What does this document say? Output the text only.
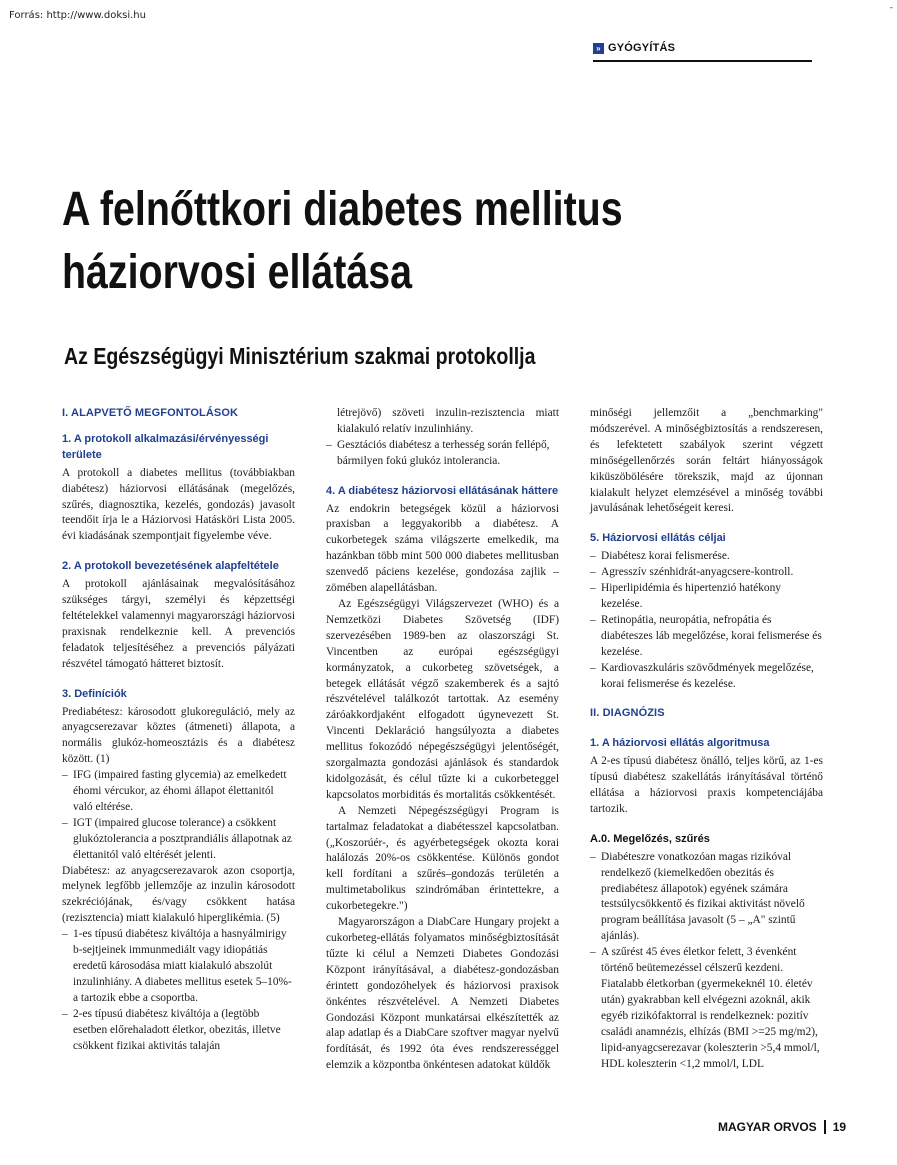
Forrás: http://www.doksi.hu
-
» GYÓGYÍTÁS
A felnőttkori diabetes mellitus
háziorvosi ellátása
Az Egészségügyi Minisztérium szakmai protokollja
I. ALAPVETŐ MEGFONTOLÁSOK
1. A protokoll alkalmazási/érvényességi területe

A protokoll a diabetes mellitus (továbbiakban diabétesz) háziorvosi ellátásának (megelőzés, szűrés, diagnosztika, kezelés, gondozás) javasolt teendőit írja le a Háziorvosi Hatásköri Lista 2005. évi kiadásának szempontjait figyelembe véve.

2. A protokoll bevezetésének alapfeltétele

A protokoll ajánlásainak megvalósításához szükséges tárgyi, személyi és képzettségi feltételekkel valamennyi magyarországi háziorvosi praxisnak rendelkeznie kell. A prevenciós feladatok teljesítéséhez a prevenciós pályázati részvétel támogató hátteret biztosít.

3. Definíciók

Prediabétesz: károsodott glukoreguláció, mely az anyagcserezavar köztes (átmeneti) állapota, a normális glukóz-homeosztázis és a diabétesz között. (1)

– IFG (impaired fasting glycemia) az emelkedett éhomi vércukor, az éhomi állapot élettanitól való eltérése.
– IGT (impaired glucose tolerance) a csökkent glukóztolerancia a posztprandiális állapotnak az élettanitól való eltérését jelenti.

Diabétesz: az anyagcserezavarok azon csoportja, melynek legfőbb jellemzője az inzulin károsodott szekréciójának, és/vagy csökkent hatása (rezisztencia) miatt kialakuló hiperglikémia. (5)

– 1-es típusú diabétesz kiváltója a hasnyálmirigy b-sejtjeinek immunmediált vagy idiopátiás eredetű károsodása miatt kialakuló abszolút inzulinhiány. A diabetes mellitus esetek 5–10%-a tartozik ebbe a csoportba.
– 2-es típusú diabétesz kiváltója a (legtöbb esetben előrehaladott életkor, obezitás, illetve csökkent fizikai aktivitás talaján

létrejövő) szöveti inzulin-rezisztencia miatt kialakuló relatív inzulinhiány.

– Gesztációs diabétesz a terhesség során fellépő, bármilyen fokú glukóz intolerancia.
4. A diabétesz háziorvosi ellátásának háttere

Az endokrin betegségek közül a háziorvosi praxisban a leggyakoribb a diabétesz. A cukorbetegek száma világszerte emelkedik, ma hazánkban több mint 500 000 diabetes mellitusban szenvedő páciens kezelése, gondozása zajlik – zömében alapellátásban.

Az Egészségügyi Világszervezet (WHO) és a Nemzetközi Diabetes Szövetség (IDF) szervezésében 1989-ben az olaszországi St. Vincentben az európai egészségügyi kormányzatok, a cukorbeteg szövetségek, a betegek ellátását végző szakemberek és a sajtó részvételével találkozót tartottak. Az esemény záróakkordjaként elfogadott úgynevezett St. Vincenti Deklaráció hangsúlyozta a diabetes mellitus fokozódó népegészségügyi jelentőségét, szorgalmazta gondozási ajánlások és standardok kidolgozását, és célul tűzte ki a cukorbeteggel kapcsolatos morbiditás és mortalitás csökkentését.

A Nemzeti Népegészségügyi Program is tartalmaz feladatokat a diabétesszel kapcsolatban. („Koszorúér-, és agyérbetegségek okozta korai halálozás 20%-os csökkentése. Különös gondot kell fordítani a szűrés–gondozás területén a multimetabolikus szindrómában érintettekre, a cukorbetegekre.")

Magyarországon a DiabCare Hungary projekt a cukorbeteg-ellátás folyamatos minőségbiztosítását tűzte ki célul a Nemzeti Diabetes Gondozási Központ irányításával, a diabétesz-gondozásban érintett gondozóhelyek és háziorvosi praxisok önkéntes részvételével. A Nemzeti Diabetes Gondozási Központ munkatársai elkészítették az alap adatlap és a DiabCare szoftver magyar nyelvű fordítását, és 1992 óta éves rendszerességgel elemzik a központba önkéntesen adatokat küldők

minőségi jellemzőit a „benchmarking" módszerével. A minőségbiztosítás a rendszeresen, és lefektetett szabályok szerint végzett minőségellenőrzés során feltárt hiányosságok kiküszöbölésére törekszik, majd az újonnan kialakult helyzet elemzésével a minőség további javulásának lehetőségeit keresi.

5. Háziorvosi ellátás céljai
– Diabétesz korai felismerése.
– Agresszív szénhidrát-anyagcsere-kontroll.
– Hiperlipidémia és hipertenzió hatékony kezelése.
– Retinopátia, neuropátia, nefropátia és diabéteszes láb megelőzése, korai felismerése és kezelése.
– Kardiovaszkuláris szövődmények megelőzése, korai felismerése és kezelése.
II. DIAGNÓZIS
1. A háziorvosi ellátás algoritmusa

A 2-es típusú diabétesz önálló, teljes körű, az 1-es típusú diabétesz szakellátás irányításával történő ellátása a háziorvosi praxis kompetenciájába tartozik.

A.0. Megelőzés, szűrés
– Diabéteszre vonatkozóan magas rizikóval rendelkező (kiemelkedően obezitás és prediabétesz állapotok) egyének számára testsúlycsökkentő és fizikai aktivitást növelő program beállítása javasolt (5 – „A" szintű ajánlás).
– A szűrést 45 éves életkor felett, 3 évenként történő beütemezéssel célszerű kezdeni. Fiatalabb életkorban (gyermekeknél 10. életév után) gyakrabban kell elvégezni azoknál, akik egyéb rizikófaktorral is rendelkeznek: pozitív családi anamnézis, elhízás (BMI >=25 mg/m2), lipid-anyagcserezavar (koleszterin >5,4 mmol/l, HDL koleszterin <1,2 mmol/l, LDL
MAGYAR ORVOS 19
